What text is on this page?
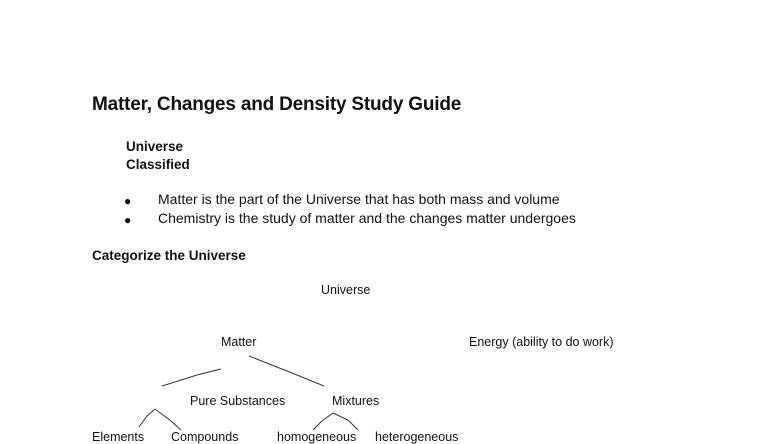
Matter, Changes and Density Study Guide
Universe
Classified
● Matter is the part of the Universe that has both mass and volume
● Chemistry is the study of matter and the changes matter undergoes
Categorize the Universe
Universe
Matter	Energy (ability to do work)
Pure Substances	Mixtures
Elements Compounds	homogeneous heterogeneous
